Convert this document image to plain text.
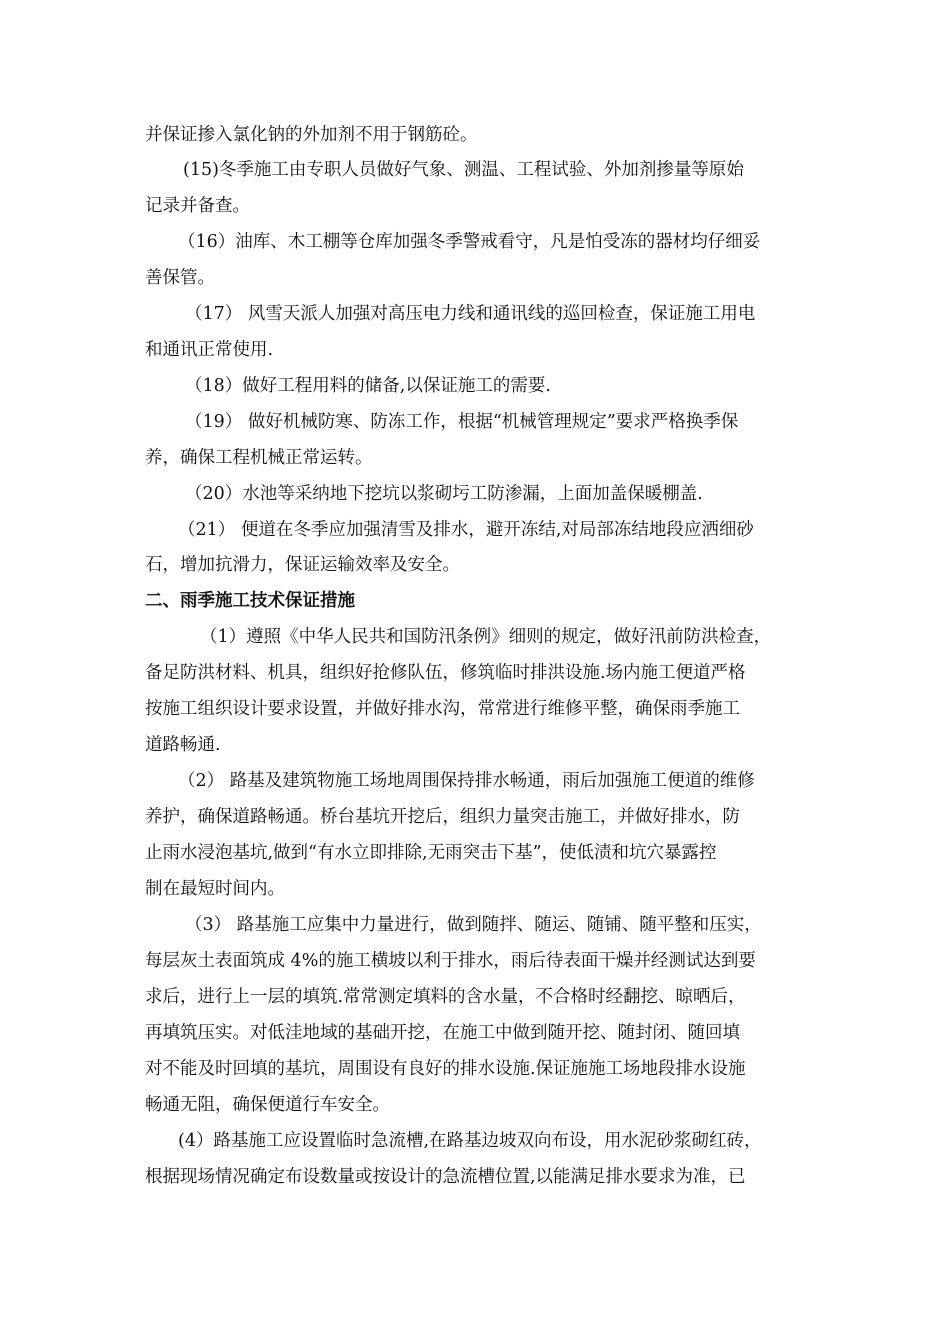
并保证掺入氯化钠的外加剂不用于钢筋砼。
(15)冬季施工由专职人员做好气象、测温、工程试验、外加剂掺量等原始
记录并备查。
（16）油库、木工棚等仓库加强冬季警戒看守，凡是怕受冻的器材均仔细妥
善保管。
（17） 风雪天派人加强对高压电力线和通讯线的巡回检查，保证施工用电
和通讯正常使用.
（18）做好工程用料的储备,以保证施工的需要.
（19） 做好机械防寒、防冻工作，根据“机械管理规定”要求严格换季保
养，确保工程机械正常运转。
（20）水池等采纳地下挖坑以浆砌圬工防渗漏，上面加盖保暖棚盖.
（21） 便道在冬季应加强清雪及排水，避开冻结,对局部冻结地段应洒细砂
石，增加抗滑力，保证运输效率及安全。
二、雨季施工技术保证措施
（1）遵照《中华人民共和国防汛条例》细则的规定，做好汛前防洪检查，
备足防洪材料、机具，组织好抢修队伍，修筑临时排洪设施.场内施工便道严格
按施工组织设计要求设置，并做好排水沟，常常进行维修平整，确保雨季施工
道路畅通.
（2） 路基及建筑物施工场地周围保持排水畅通，雨后加强施工便道的维修
养护，确保道路畅通。桥台基坑开挖后，组织力量突击施工，并做好排水，防
止雨水浸泡基坑,做到“有水立即排除,无雨突击下基”，使低渍和坑穴暴露控
制在最短时间内。
（3） 路基施工应集中力量进行，做到随拌、随运、随铺、随平整和压实，
每层灰土表面筑成 4%的施工横坡以利于排水，雨后待表面干燥并经测试达到要
求后，进行上一层的填筑.常常测定填料的含水量，不合格时经翻挖、晾晒后，
再填筑压实。对低洼地域的基础开挖，在施工中做到随开挖、随封闭、随回填
对不能及时回填的基坑，周围设有良好的排水设施.保证施施工场地段排水设施
畅通无阻，确保便道行车安全。
(4）路基施工应设置临时急流槽,在路基边坡双向布设，用水泥砂浆砌红砖，
根据现场情况确定布设数量或按设计的急流槽位置,以能满足排水要求为准，已
